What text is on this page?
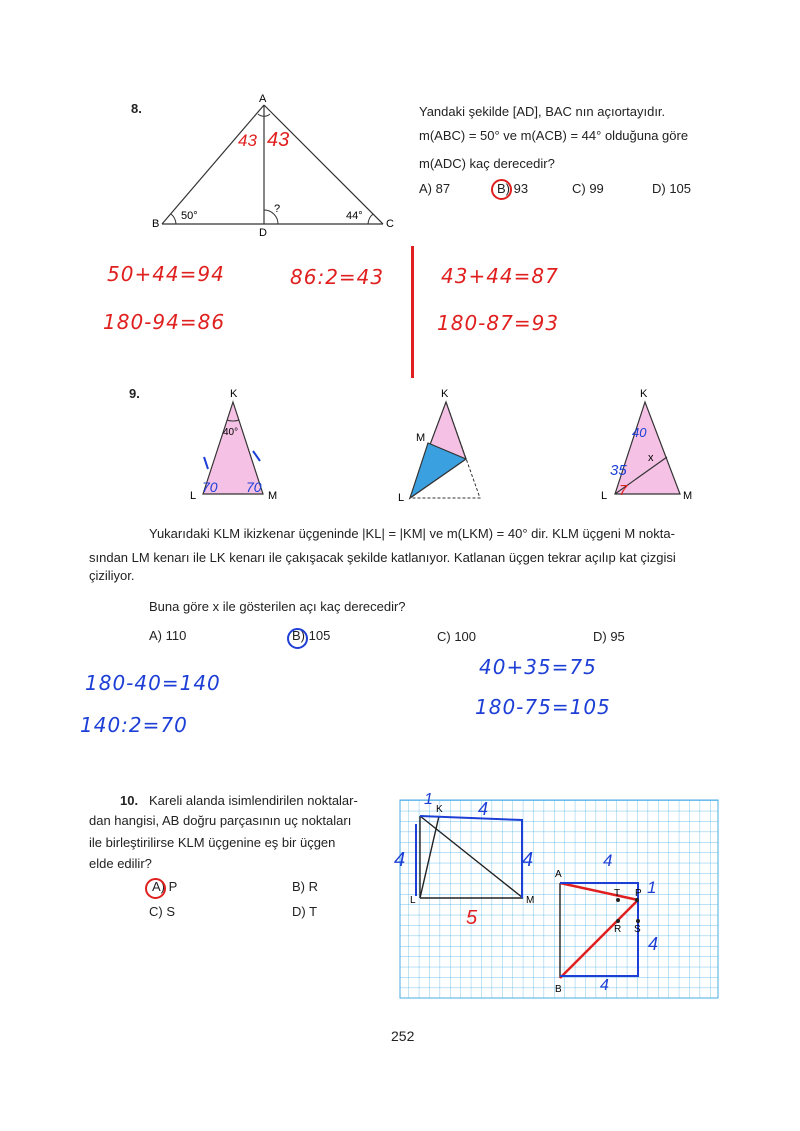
8.
A
B	C
D
50°	44°
?
43 43
Yandaki şekilde [AD], BAC nın açıortayıdır.
m(ABC) = 50° ve m(ACB) = 44° olduğuna göre
m(ADC) kaç derecedir?
A) 87	B) 93	C) 99	D) 105
50+44=94
180-94=86
86:2=43	43+44=87
180-87=93
9.	K
L	M
40°
70 70
K
L
M
K
L	M
x
40
35
7
Yukarıdaki KLM ikizkenar üçgeninde |KL| = |KM| ve m(LKM) = 40° dir. KLM üçgeni M nokta-
sından LM kenarı ile LK kenarı ile çakışacak şekilde katlanıyor. Katlanan üçgen tekrar açılıp kat çizgisi
çiziliyor.
Buna göre x ile gösterilen açı kaç derecedir?
A) 110	B) 105	C) 100	D) 95
180-40=140
140:2=70
40+35=75
180-75=105
10. Kareli alanda isimlendirilen noktalar-
dan hangisi, AB doğru parçasının uç noktaları
ile birleştirilirse KLM üçgenine eş bir üçgen
elde edilir?
A) P	B) R
C) S	D) T
K
L	M
A
B
P
T
R S
4
1
4	4
5
4
1
4
4
252
